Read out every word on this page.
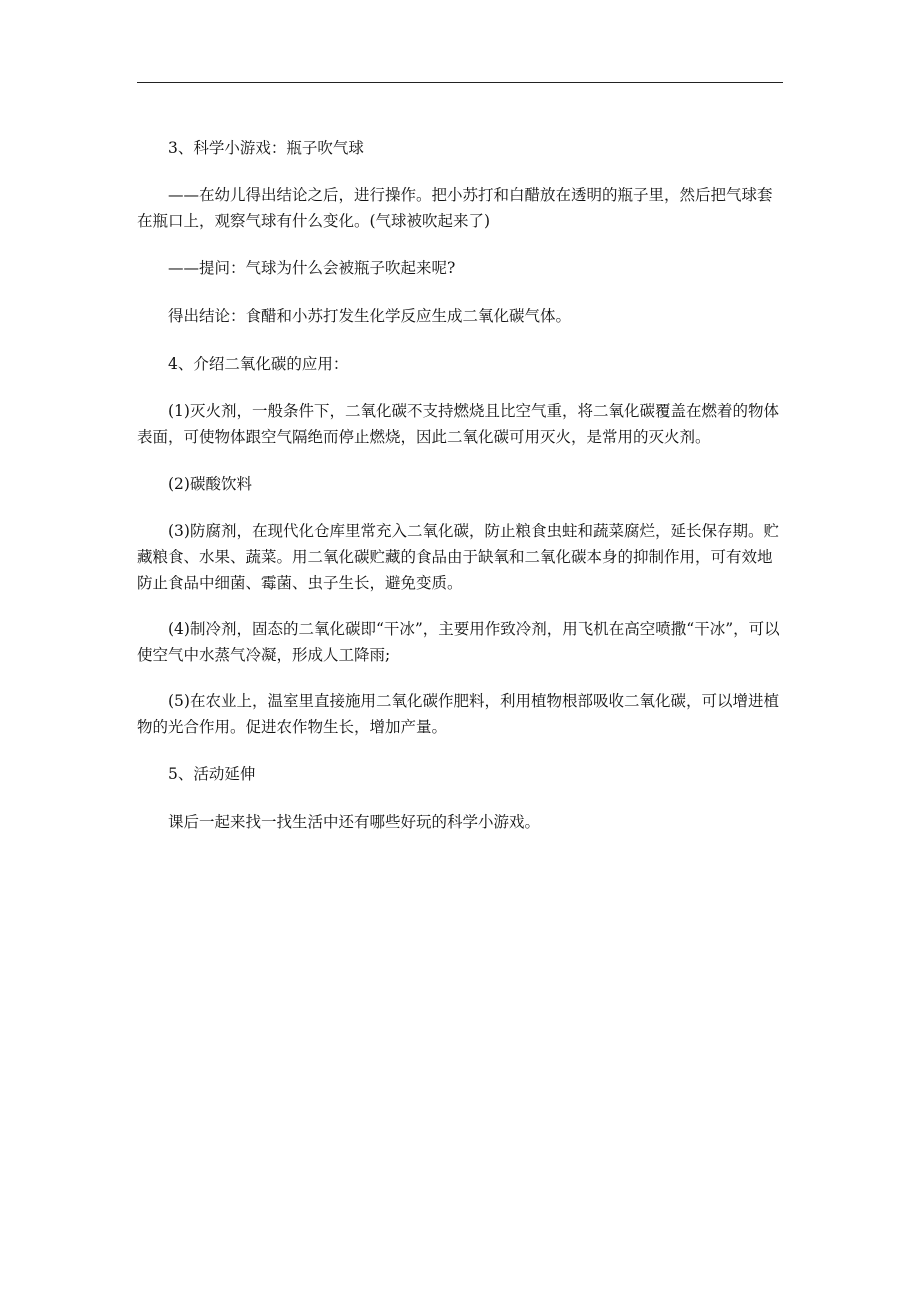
3、科学小游戏：瓶子吹气球

——在幼儿得出结论之后，进行操作。把小苏打和白醋放在透明的瓶子里，然后把气球套在瓶口上，观察气球有什么变化。(气球被吹起来了)

——提问：气球为什么会被瓶子吹起来呢?

得出结论：食醋和小苏打发生化学反应生成二氧化碳气体。

4、介绍二氧化碳的应用：

(1)灭火剂，一般条件下，二氧化碳不支持燃烧且比空气重，将二氧化碳覆盖在燃着的物体表面，可使物体跟空气隔绝而停止燃烧，因此二氧化碳可用灭火，是常用的灭火剂。

(2)碳酸饮料

(3)防腐剂，在现代化仓库里常充入二氧化碳，防止粮食虫蛀和蔬菜腐烂，延长保存期。贮藏粮食、水果、蔬菜。用二氧化碳贮藏的食品由于缺氧和二氧化碳本身的抑制作用，可有效地防止食品中细菌、霉菌、虫子生长，避免变质。

(4)制冷剂，固态的二氧化碳即“干冰”，主要用作致冷剂，用飞机在高空喷撒“干冰”，可以使空气中水蒸气冷凝，形成人工降雨;

(5)在农业上，温室里直接施用二氧化碳作肥料，利用植物根部吸收二氧化碳，可以增进植物的光合作用。促进农作物生长，增加产量。

5、活动延伸

课后一起来找一找生活中还有哪些好玩的科学小游戏。
